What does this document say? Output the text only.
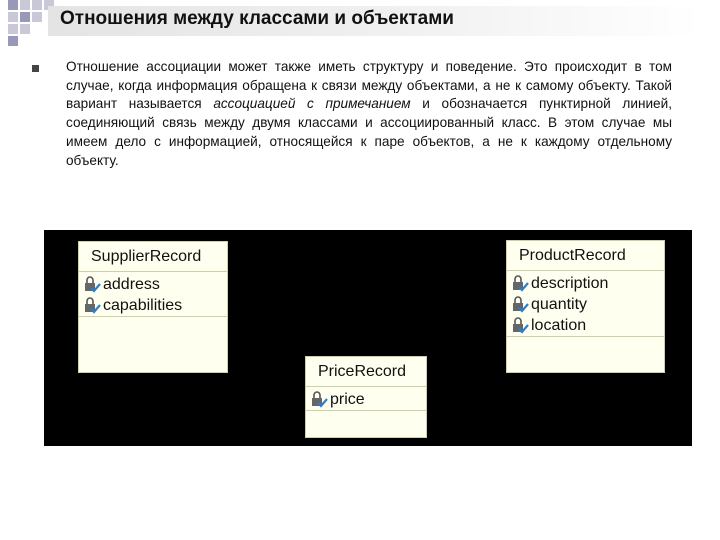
Отношения между классами и объектами
Отношение ассоциации может также иметь структуру и поведение. Это происходит в том случае, когда информация обращена к связи между объектами, а не к самому объекту. Такой вариант называется ассоциацией с примечанием и обозначается пунктирной линией, соединяющий связь между двумя классами и ассоциированный класс. В этом случае мы имеем дело с информацией, относящейся к паре объектов, а не к каждому отдельному объекту.
SupplierRecord
address
capabilities
ProductRecord
description
quantity
location
PriceRecord
price
